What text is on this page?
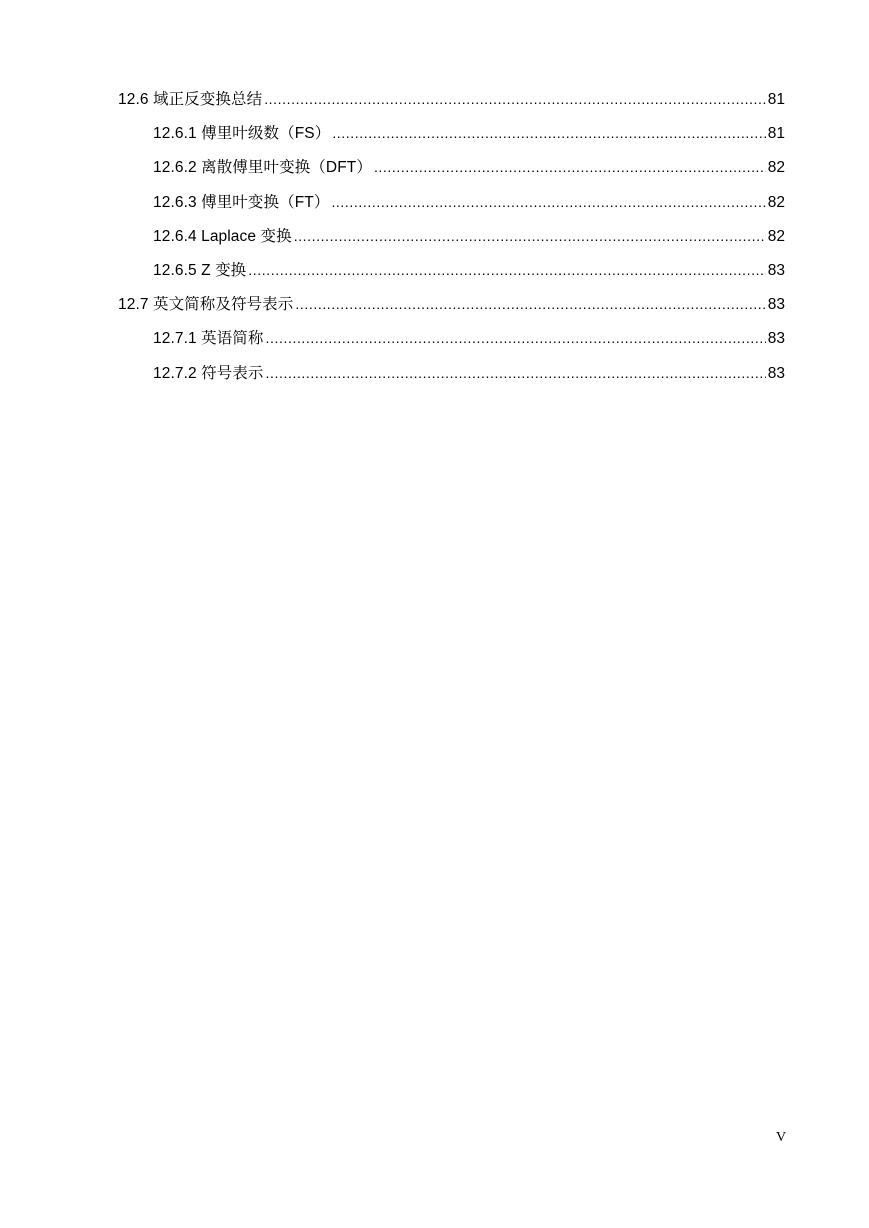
12.6 域正反变换总结 .....	81
12.6.1 傅里叶级数（FS） .....	81
12.6.2 离散傅里叶变换（DFT） .....	82
12.6.3 傅里叶变换（FT） .....	82
12.6.4 Laplace 变换 .....	82
12.6.5 Z 变换 .....	83
12.7 英文简称及符号表示 .....	83
12.7.1 英语简称 .....	83
12.7.2 符号表示 .....	83
V
